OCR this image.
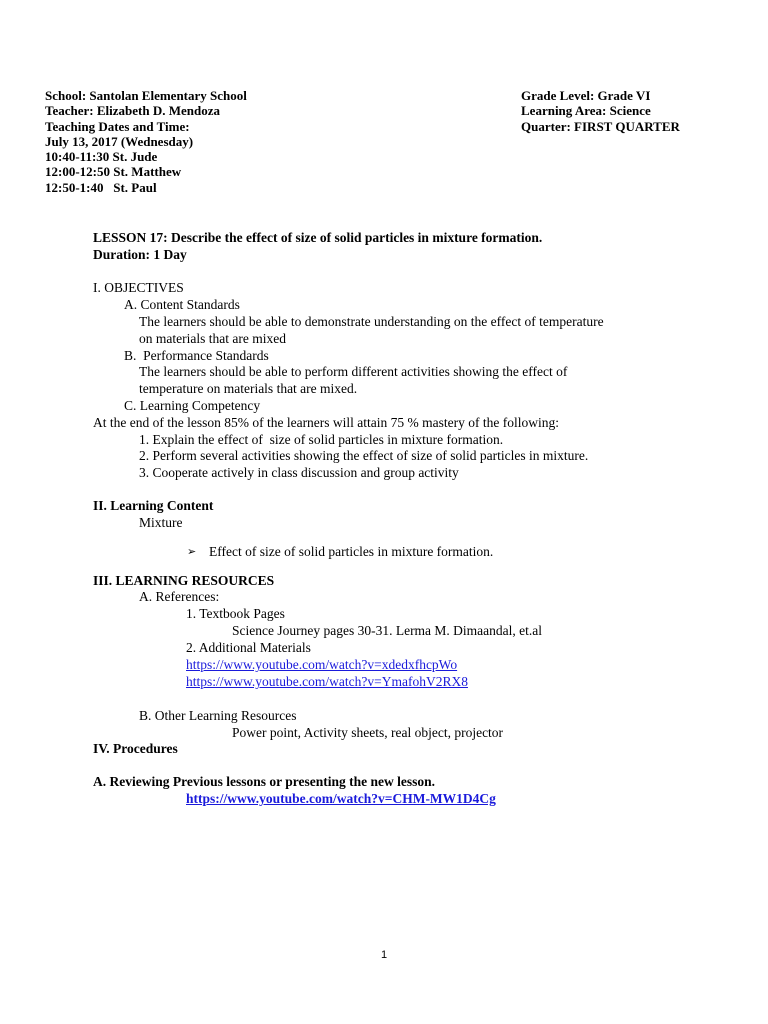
School: Santolan Elementary School
Teacher: Elizabeth D. Mendoza
Teaching Dates and Time:
July 13, 2017 (Wednesday)
10:40-11:30 St. Jude
12:00-12:50 St. Matthew
12:50-1:40   St. Paul
Grade Level: Grade VI
Learning Area: Science
Quarter: FIRST QUARTER
LESSON 17: Describe the effect of size of solid particles in mixture formation.
Duration: 1 Day
I. OBJECTIVES
A. Content Standards
The learners should be able to demonstrate understanding on the effect of temperature
on materials that are mixed
B.  Performance Standards
The learners should be able to perform different activities showing the effect of
temperature on materials that are mixed.
C. Learning Competency
At the end of the lesson 85% of the learners will attain 75 % mastery of the following:
1. Explain the effect of  size of solid particles in mixture formation.
2. Perform several activities showing the effect of size of solid particles in mixture.
3. Cooperate actively in class discussion and group activity
II. Learning Content
Mixture
➢ Effect of size of solid particles in mixture formation.
III. LEARNING RESOURCES
A. References:
1. Textbook Pages
Science Journey pages 30-31. Lerma M. Dimaandal, et.al
2. Additional Materials
https://www.youtube.com/watch?v=xdedxfhcpWo
https://www.youtube.com/watch?v=YmafohV2RX8
B. Other Learning Resources
Power point, Activity sheets, real object, projector
IV. Procedures
A. Reviewing Previous lessons or presenting the new lesson.
https://www.youtube.com/watch?v=CHM-MW1D4Cg
1
